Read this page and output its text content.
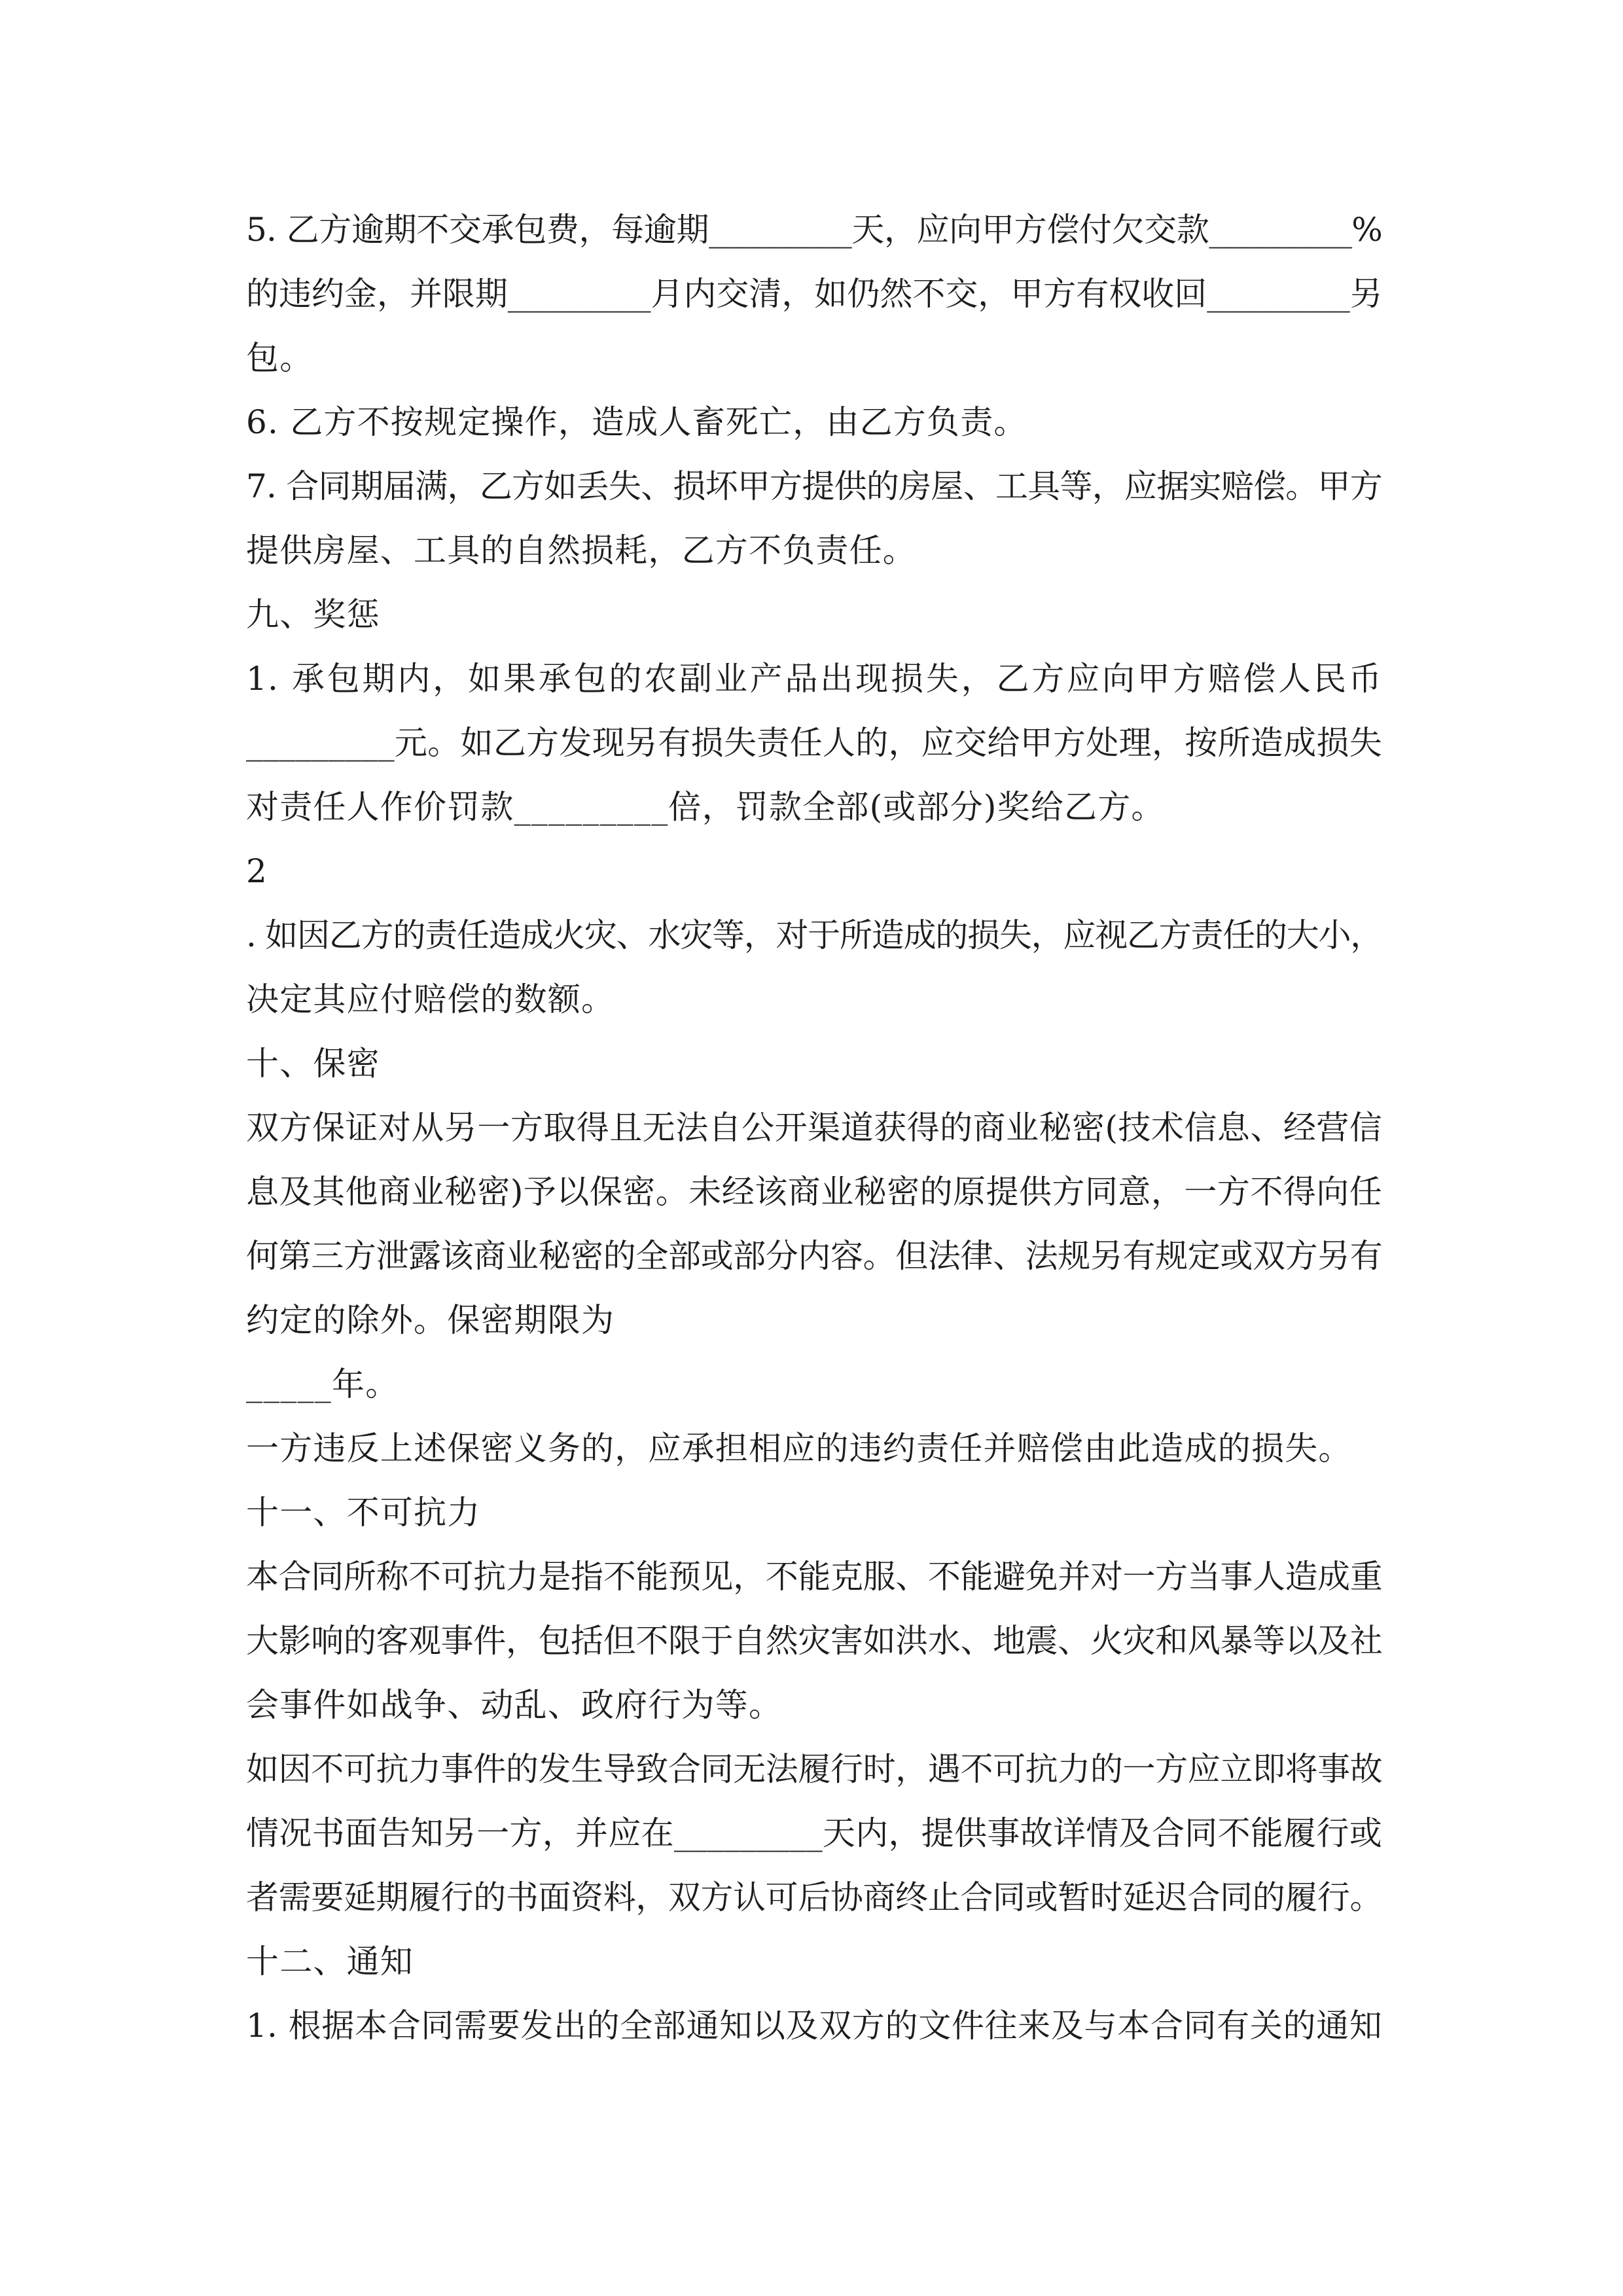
5. 乙方逾期不交承包费，每逾期_________天，应向甲方偿付欠交款_________%
的违约金，并限期_________月内交清，如仍然不交，甲方有权收回_________另
包。
6. 乙方不按规定操作，造成人畜死亡，由乙方负责。
7. 合同期届满，乙方如丢失、损坏甲方提供的房屋、工具等，应据实赔偿。甲方
提供房屋、工具的自然损耗，乙方不负责任。
九、奖惩
1. 承包期内，如果承包的农副业产品出现损失，乙方应向甲方赔偿人民币
_________元。如乙方发现另有损失责任人的，应交给甲方处理，按所造成损失
对责任人作价罚款_________倍，罚款全部(或部分)奖给乙方。
2
. 如因乙方的责任造成火灾、水灾等，对于所造成的损失，应视乙方责任的大小，
决定其应付赔偿的数额。
十、保密
双方保证对从另一方取得且无法自公开渠道获得的商业秘密(技术信息、经营信
息及其他商业秘密)予以保密。未经该商业秘密的原提供方同意，一方不得向任
何第三方泄露该商业秘密的全部或部分内容。但法律、法规另有规定或双方另有
约定的除外。保密期限为
_____年。
一方违反上述保密义务的，应承担相应的违约责任并赔偿由此造成的损失。
十一、不可抗力
本合同所称不可抗力是指不能预见，不能克服、不能避免并对一方当事人造成重
大影响的客观事件，包括但不限于自然灾害如洪水、地震、火灾和风暴等以及社
会事件如战争、动乱、政府行为等。
如因不可抗力事件的发生导致合同无法履行时，遇不可抗力的一方应立即将事故
情况书面告知另一方，并应在_________天内，提供事故详情及合同不能履行或
者需要延期履行的书面资料，双方认可后协商终止合同或暂时延迟合同的履行。
十二、通知
1. 根据本合同需要发出的全部通知以及双方的文件往来及与本合同有关的通知
